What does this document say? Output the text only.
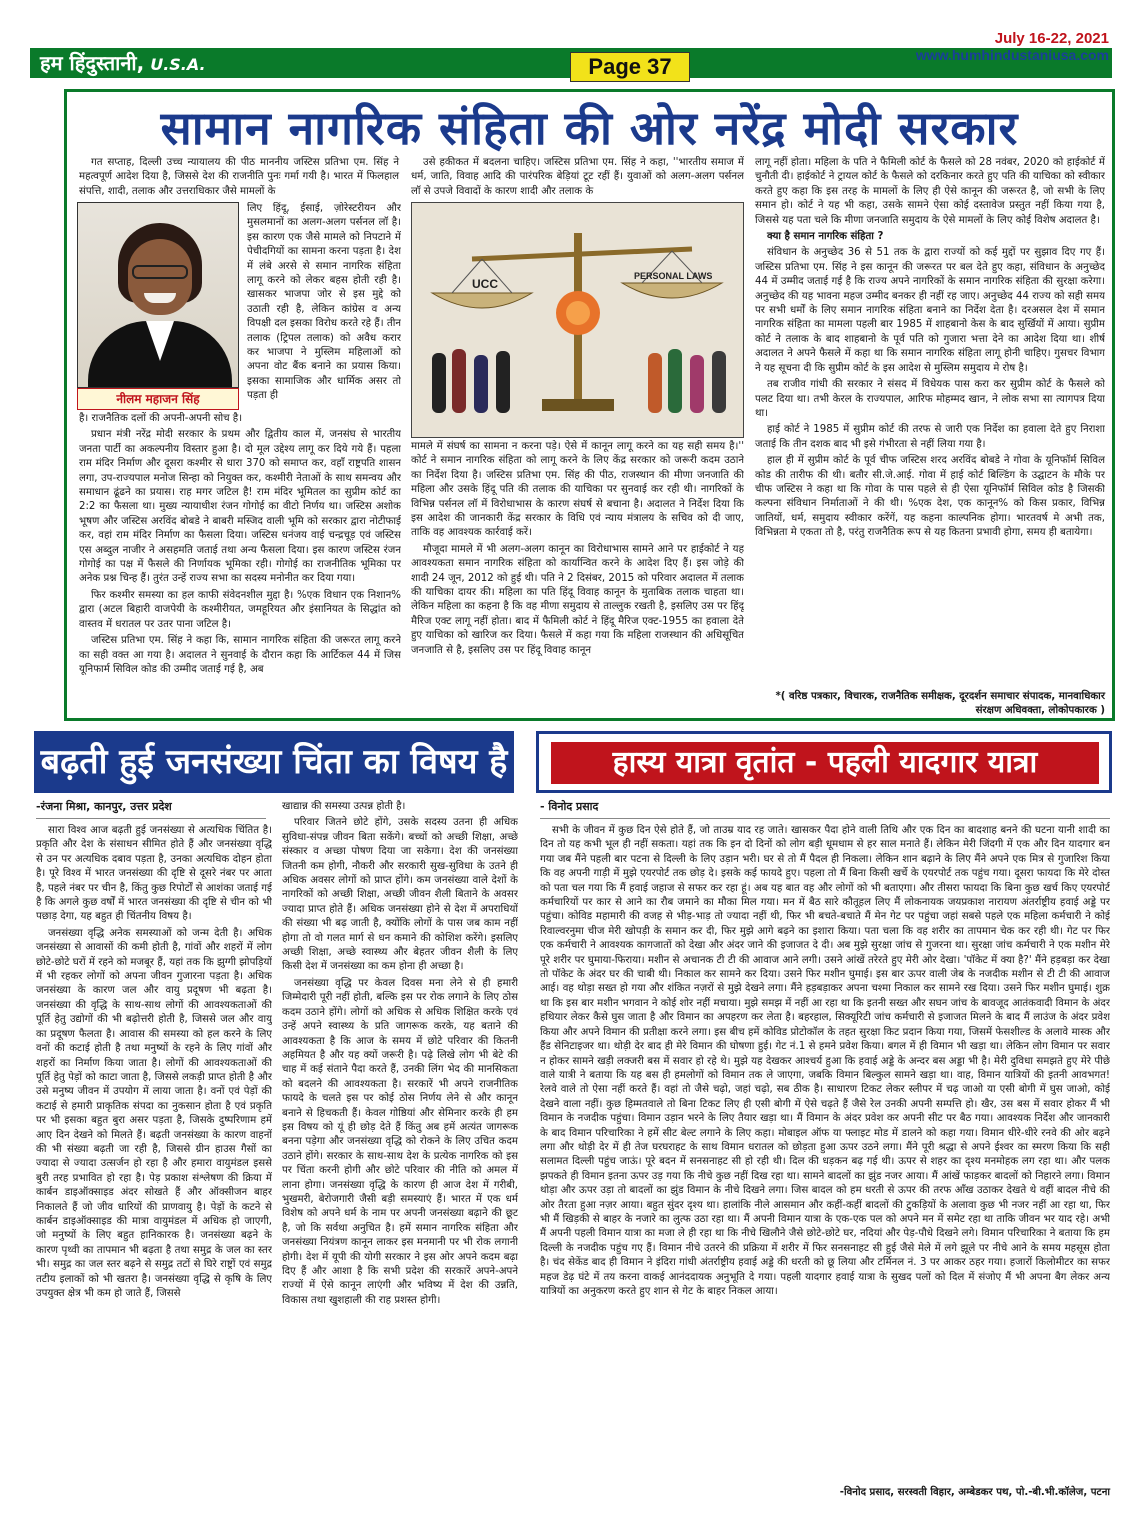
हम हिंदुस्तानी, U.S.A.	Page 37
July 16-22, 2021
www.humhindustaniusa.com
सामान नागरिक संहिता की ओर नरेंद्र मोदी सरकार

गत सप्ताह, दिल्ली उच्च न्यायालय की पीठ माननीय जस्टिस प्रतिभा एम. सिंह ने महत्वपूर्ण आदेश दिया है, जिससे देश की राजनीति पुनः गर्मा गयी है। भारत में फिलहाल संपत्ति, शादी, तलाक और उत्तराधिकार जैसे मामलों के

नीलम महाजन सिंह

लिए हिंदू, ईसाई, ज़ोरेस्टरीयन और मुसलमानों का अलग-अलग पर्सनल लॉ है। इस कारण एक जैसे मामले को निपटाने में पेचीदगियों का सामना करना पड़ता है। देश में लंबे अरसे से समान नागरिक संहिता लागू करने को लेकर बहस होती रही है। खासकर भाजपा जोर से इस मुद्दे को उठाती रही है, लेकिन कांग्रेस व अन्य विपक्षी दल इसका विरोध करते रहे हैं। तीन तलाक (ट्रिपल तलाक) को अवैध करार कर भाजपा ने मुस्लिम महिलाओं को अपना वोट बैंक बनाने का प्रयास किया। इसका सामाजिक और धार्मिक असर तो पड़ता ही

है। राजनैतिक दलों की अपनी-अपनी सोच है।

प्रधान मंत्री नरेंद्र मोदी सरकार के प्रथम और द्वितीय काल में, जनसंघ से भारतीय जनता पार्टी का अकल्पनीय विस्तार हुआ है। दो मूल उद्देश्य लागू कर दिये गये हैं। पहला राम मंदिर निर्माण और दूसरा कश्मीर से धारा 370 को समाप्त कर, वहाँ राष्ट्रपति शासन लगा, उप-राज्यपाल मनोज सिन्हा को नियुक्त कर, कश्मीरी नेताओं के साथ समन्वय और समाधान ढूंढने का प्रयास। राह मगर जटिल है! राम मंदिर भूमितल का सुप्रीम कोर्ट का 2:2 का फैसला था। मुख्य न्यायाधीश रंजन गोगोई का वीटो निर्णय था। जस्टिस अशोक भूषण और जस्टिस अरविंद बोबडे ने बाबरी मस्जिद वाली भूमि को सरकार द्वारा नोटीफाई कर, वहां राम मंदिर निर्माण का फैसला दिया। जस्टिस धनंजय वाई चन्द्रचूड़ एवं जस्टिस एस अब्दुल नाजीर ने असहमति जताई तथा अन्य फैसला दिया। इस कारण जस्टिस रंजन गोगोई का पक्ष में फैसले की निर्णायक भूमिका रही। गोगोई का राजनीतिक भूमिका पर अनेक प्रश्न चिन्ह हैं। तुरंत उन्हें राज्य सभा का सदस्य मनोनीत कर दिया गया।

फिर कश्मीर समस्या का हल काफी संवेदनशील मुद्दा है। %एक विधान एक निशान% द्वारा (अटल बिहारी वाजपेयी के कश्मीरीयत, जमहूरियत और इंसानियत के सिद्धांत को वास्तव में धरातल पर उतर पाना जटिल है।

जस्टिस प्रतिभा एम. सिंह ने कहा कि, सामान नागरिक संहिता की जरूरत लागू करने का सही वक्त आ गया है। अदालत ने सुनवाई के दौरान कहा कि आर्टिकल 44 में जिस यूनिफार्म सिविल कोड की उम्मीद जताई गई है, अब

उसे हकीकत में बदलना चाहिए। जस्टिस प्रतिभा एम. सिंह ने कहा, ''भारतीय समाज में धर्म, जाति, विवाह आदि की पारंपरिक बेड़ियां टूट रहीं हैं। युवाओं को अलग-अलग पर्सनल लॉ से उपजे विवादों के कारण शादी और तलाक के

UCC
PERSONAL LAWS

मामले में संघर्ष का सामना न करना पड़े। ऐसे में कानून लागू करने का यह सही समय है।'' कोर्ट ने समान नागरिक संहिता को लागू करने के लिए केंद्र सरकार को जरूरी कदम उठाने का निर्देश दिया है। जस्टिस प्रतिभा एम. सिंह की पीठ, राजस्थान की मीणा जनजाति की महिला और उसके हिंदू पति की तलाक की याचिका पर सुनवाई कर रही थी। नागरिकों के विभिन्न पर्सनल लॉ में विरोधाभास के कारण संघर्ष से बचाना है। अदालत ने निर्देश दिया कि इस आदेश की जानकारी केंद्र सरकार के विधि एवं न्याय मंत्रालय के सचिव को दी जाए, ताकि वह आवश्यक कार्रवाई करें।

मौजूदा मामले में भी अलग-अलग कानून का विरोधाभास सामने आने पर हाईकोर्ट ने यह आवश्यकता समान नागरिक संहिता को कार्यान्वित करने के आदेश दिए हैं। इस जोड़े की शादी 24 जून, 2012 को हुई थी। पति ने 2 दिसंबर, 2015 को परिवार अदालत में तलाक की याचिका दायर की। महिला का पति हिंदू विवाह कानून के मुताबिक तलाक चाहता था। लेकिन महिला का कहना है कि वह मीणा समुदाय से ताल्लुक रखती है, इसलिए उस पर हिंदू मैरिज एक्ट लागू नहीं होता। बाद में फैमिली कोर्ट ने हिंदू मैरिज एक्ट-1955 का हवाला देते हुए याचिका को खारिज कर दिया। फैसले में कहा गया कि महिला राजस्थान की अधिसूचित जनजाति से है, इसलिए उस पर हिंदू विवाह कानून

लागू नहीं होता। महिला के पति ने फैमिली कोर्ट के फैसले को 28 नवंबर, 2020 को हाईकोर्ट में चुनौती दी। हाईकोर्ट ने ट्रायल कोर्ट के फैसले को दरकिनार करते हुए पति की याचिका को स्वीकार करते हुए कहा कि इस तरह के मामलों के लिए ही ऐसे कानून की जरूरत है, जो सभी के लिए समान हो। कोर्ट ने यह भी कहा, उसके सामने ऐसा कोई दस्तावेज प्रस्तुत नहीं किया गया है, जिससे यह पता चले कि मीणा जनजाति समुदाय के ऐसे मामलों के लिए कोई विशेष अदालत है।

क्या है समान नागरिक संहिता ?

संविधान के अनुच्छेद 36 से 51 तक के द्वारा राज्यों को कई मुद्दों पर सुझाव दिए गए हैं। जस्टिस प्रतिभा एम. सिंह ने इस कानून की जरूरत पर बल देते हुए कहा, संविधान के अनुच्छेद 44 में उम्मीद जताई गई है कि राज्य अपने नागरिकों के समान नागरिक संहिता की सुरक्षा करेगा। अनुच्छेद की यह भावना महज उम्मीद बनकर ही नहीं रह जाए। अनुच्छेद 44 राज्य को सही समय पर सभी धर्मों के लिए समान नागरिक संहिता बनाने का निर्देश देता है। दरअसल देश में समान नागरिक संहिता का मामला पहली बार 1985 में शाहबानो केस के बाद सुर्खियों में आया। सुप्रीम कोर्ट ने तलाक के बाद शाहबानो के पूर्व पति को गुजारा भत्ता देने का आदेश दिया था। शीर्ष अदालत ने अपने फैसले में कहा था कि समान नागरिक संहिता लागू होनी चाहिए। गुसचर विभाग ने यह सूचना दी कि सुप्रीम कोर्ट के इस आदेश से मुस्लिम समुदाय मे रोष है।

तब राजीव गांधी की सरकार ने संसद में विधेयक पास करा कर सुप्रीम कोर्ट के फैसले को पलट दिया था। तभी केरल के राज्यपाल, आरिफ मोहम्मद खान, ने लोक सभा सा त्यागपत्र दिया था।

हाई कोर्ट ने 1985 में सुप्रीम कोर्ट की तरफ से जारी एक निर्देश का हवाला देते हुए निराशा जताई कि तीन दशक बाद भी इसे गंभीरता से नहीं लिया गया है।

हाल ही में सुप्रीम कोर्ट के पूर्व चीफ जस्टिस शरद अरविंद बोबडे ने गोवा के यूनिफॉर्म सिविल कोड की तारीफ की थी। बतौर सी.जे.आई. गोवा में हाई कोर्ट बिल्डिंग के उद्घाटन के मौके पर चीफ जस्टिस ने कहा था कि गोवा के पास पहले से ही ऐसा यूनिफॉर्म सिविल कोड है जिसकी कल्पना संविधान निर्माताओं ने की थी। %एक देश, एक कानून% को किस प्रकार, विभिन्न जातियों, धर्म, समुदाय स्वीकार करेंगें, यह कहना काल्पनिक होगा। भारतवर्ष मे अभी तक, विभिन्नता मे एकता तो है, परंतु राजनैतिक रूप से यह कितना प्रभावी होगा, समय ही बतायेगा।

*( वरिष्ठ पत्रकार, विचारक, राजनैतिक समीक्षक, दूरदर्शन समाचार संपादक, मानवाधिकार संरक्षण अधिवक्ता, लोकोपकारक )
बढ़ती हुई जनसंख्या चिंता का विषय है
-रंजना मिश्रा, कानपुर, उत्तर प्रदेश

सारा विश्व आज बढ़ती हुई जनसंख्या से अत्यधिक चिंतित है। प्रकृति और देश के संसाधन सीमित होते हैं और जनसंख्या वृद्धि से उन पर अत्यधिक दबाव पड़ता है, उनका अत्यधिक दोहन होता है। पूरे विश्व में भारत जनसंख्या की दृष्टि से दूसरे नंबर पर आता है, पहले नंबर पर चीन है, किंतु कुछ रिपोर्टों से आशंका जताई गई है कि अगले कुछ वर्षों में भारत जनसंख्या की दृष्टि से चीन को भी पछाड़ देगा, यह बहुत ही चिंतनीय विषय है।

जनसंख्या वृद्धि अनेक समस्याओं को जन्म देती है। अधिक जनसंख्या से आवासों की कमी होती है, गांवों और शहरों में लोग छोटे-छोटे घरों में रहने को मजबूर हैं, यहां तक कि झुग्गी झोपड़ियों में भी रहकर लोगों को अपना जीवन गुजारना पड़ता है। अधिक जनसंख्या के कारण जल और वायु प्रदूषण भी बढ़ता है। जनसंख्या की वृद्धि के साथ-साथ लोगों की आवश्यकताओं की पूर्ति हेतु उद्योगों की भी बढ़ोत्तरी होती है, जिससे जल और वायु का प्रदूषण फैलता है। आवास की समस्या को हल करने के लिए वनों की कटाई होती है तथा मनुष्यों के रहने के लिए गांवों और शहरों का निर्माण किया जाता है। लोगों की आवश्यकताओं की पूर्ति हेतु पेड़ों को काटा जाता है, जिससे लकड़ी प्राप्त होती है और उसे मनुष्य जीवन में उपयोग में लाया जाता है। वनों एवं पेड़ों की कटाई से हमारी प्राकृतिक संपदा का नुकसान होता है एवं प्रकृति पर भी इसका बहुत बुरा असर पड़ता है, जिसके दुष्परिणाम हमें आए दिन देखने को मिलते हैं। बढ़ती जनसंख्या के कारण वाहनों की भी संख्या बढ़ती जा रही है, जिससे ग्रीन हाउस गैसों का ज्यादा से ज्यादा उत्सर्जन हो रहा है और हमारा वायुमंडल इससे बुरी तरह प्रभावित हो रहा है। पेड़ प्रकाश संश्लेषण की क्रिया में कार्बन डाइऑक्साइड अंदर सोखते हैं और ऑक्सीजन बाहर निकालते हैं जो जीव धारियों की प्राणवायु है। पेड़ों के कटने से कार्बन डाइऑक्साइड की मात्रा वायुमंडल में अधिक हो जाएगी, जो मनुष्यों के लिए बहुत हानिकारक है। जनसंख्या बढ़ने के कारण पृथ्वी का तापमान भी बढ़ता है तथा समुद्र के जल का स्तर भी। समुद्र का जल स्तर बढ़ने से समुद्र तटों से घिरे राष्ट्रों एवं समुद्र तटीय इलाकों को भी खतरा है। जनसंख्या वृद्धि से कृषि के लिए उपयुक्त क्षेत्र भी कम हो जाते हैं, जिससे

खाद्यान्न की समस्या उत्पन्न होती है।

परिवार जितने छोटे होंगे, उसके सदस्य उतना ही अधिक सुविधा-संपन्न जीवन बिता सकेंगे। बच्चों को अच्छी शिक्षा, अच्छे संस्कार व अच्छा पोषण दिया जा सकेगा। देश की जनसंख्या जितनी कम होगी, नौकरी और सरकारी सुख-सुविधा के उतने ही अधिक अवसर लोगों को प्राप्त होंगे। कम जनसंख्या वाले देशों के नागरिकों को अच्छी शिक्षा, अच्छी जीवन शैली बिताने के अवसर ज्यादा प्राप्त होते हैं। अधिक जनसंख्या होने से देश में अपराधियों की संख्या भी बढ़ जाती है, क्योंकि लोगों के पास जब काम नहीं होगा तो वो गलत मार्ग से धन कमाने की कोशिश करेंगे। इसलिए अच्छी शिक्षा, अच्छे स्वास्थ्य और बेहतर जीवन शैली के लिए किसी देश में जनसंख्या का कम होना ही अच्छा है।

जनसंख्या वृद्धि पर केवल दिवस मना लेने से ही हमारी जिम्मेदारी पूरी नहीं होती, बल्कि इस पर रोक लगाने के लिए ठोस कदम उठाने होंगे। लोगों को अधिक से अधिक शिक्षित करके एवं उन्हें अपने स्वास्थ्य के प्रति जागरूक करके, यह बताने की आवश्यकता है कि आज के समय में छोटे परिवार की कितनी अहमियत है और यह क्यों जरूरी है। पढ़े लिखे लोग भी बेटे की चाह में कई संताने पैदा करते हैं, उनकी लिंग भेद की मानसिकता को बदलने की आवश्यकता है। सरकारें भी अपने राजनीतिक फायदे के चलते इस पर कोई ठोस निर्णय लेने से और कानून बनाने से हिचकती हैं। केवल गोष्ठियां और सेमिनार करके ही हम इस विषय को यूं ही छोड़ देते हैं किंतु अब हमें अत्यंत जागरूक बनना पड़ेगा और जनसंख्या वृद्धि को रोकने के लिए उचित कदम उठाने होंगे। सरकार के साथ-साथ देश के प्रत्येक नागरिक को इस पर चिंता करनी होगी और छोटे परिवार की नीति को अमल में लाना होगा। जनसंख्या वृद्धि के कारण ही आज देश में गरीबी, भुखमरी, बेरोजगारी जैसी बड़ी समस्याएं हैं। भारत में एक धर्म विशेष को अपने धर्म के नाम पर अपनी जनसंख्या बढ़ाने की छूट है, जो कि सर्वथा अनुचित है। हमें समान नागरिक संहिता और जनसंख्या नियंत्रण कानून लाकर इस मनमानी पर भी रोक लगानी होगी। देश में यूपी की योगी सरकार ने इस ओर अपने कदम बढ़ा दिए हैं और आशा है कि सभी प्रदेश की सरकारें अपने-अपने राज्यों में ऐसे कानून लाएंगी और भविष्य में देश की उन्नति, विकास तथा खुशहाली की राह प्रशस्त होगी।

हास्य यात्रा वृतांत - पहली यादगार यात्रा
- विनोद प्रसाद

सभी के जीवन में कुछ दिन ऐसे होते हैं, जो ताउम्र याद रह जाते। खासकर पैदा होने वाली तिथि और एक दिन का बादशाह बनने की घटना यानी शादी का दिन तो यह कभी भूल ही नहीं सकता। यहां तक कि इन दो दिनों को लोग बड़ी धूमधाम से हर साल मनाते हैं। लेकिन मेरी जिंदगी में एक और दिन यादगार बन गया जब मैंने पहली बार पटना से दिल्ली के लिए उड़ान भरी। घर से तो मैं पैदल ही निकला। लेकिन शान बढ़ाने के लिए मैंने अपने एक मित्र से गुजारिश किया कि वह अपनी गाड़ी में मुझे एयरपोर्ट तक छोड़ दे। इसके कई फायदे हुए। पहला तो मैं बिना किसी खर्चे के एयरपोर्ट तक पहुंच गया। दूसरा फायदा कि मेरे दोस्त को पता चल गया कि मैं हवाई जहाज से सफर कर रहा हूं। अब यह बात वह और लोगों को भी बताएगा। और तीसरा फायदा कि बिना कुछ खर्च किए एयरपोर्ट कर्मचारियों पर कार से आने का रौब जमाने का मौका मिल गया। मन में बैठ सारे कौतूहल लिए मैं लोकनायक जयप्रकाश नारायण अंतर्राष्ट्रीय हवाई अड्डे पर पहुंचा। कोविड महामारी की वजह से भीड़-भाड़ तो ज्यादा नहीं थी, फिर भी बचते-बचाते मैं मेन गेट पर पहुंचा जहां सबसे पहले एक महिला कर्मचारी ने कोई रिवाल्वरनुमा चीज मेरी खोपड़ी के समान कर दी, फिर मुझे आगे बढ़ने का इशारा किया। पता चला कि वह शरीर का तापमान चेक कर रही थी। गेट पर फिर एक कर्मचारी ने आवश्यक कागजातों को देखा और अंदर जाने की इजाजत दे दी। अब मुझे सुरक्षा जांच से गुजरना था। सुरक्षा जांच कर्मचारी ने एक मशीन मेरे पूरे शरीर पर घुमाया-फिराया। मशीन से अचानक टी टी की आवाज आने लगी। उसने आंखें तरेरते हुए मेरी ओर देखा। 'पॉकेट में क्या है?' मैंने हड़बड़ा कर देखा तो पॉकेट के अंदर घर की चाबी थी। निकाल कर सामने कर दिया। उसने फिर मशीन घुमाई। इस बार ऊपर वाली जेब के नजदीक मशीन से टी टी की आवाज आई। वह थोड़ा सख्त हो गया और शंकित नज़रों से मुझे देखने लगा। मैंने हड़बड़ाकर अपना चश्मा निकाल कर सामने रख दिया। उसने फिर मशीन घुमाई। शुक्र था कि इस बार मशीन भगवान ने कोई शोर नहीं मचाया। मुझे समझ में नहीं आ रहा था कि इतनी सख्त और सघन जांच के बावजूद आतंकवादी विमान के अंदर हथियार लेकर कैसे घुस जाता है और विमान का अपहरण कर लेता है। बहरहाल, सिक्यूरिटी जांच कर्मचारी से इजाजत मिलने के बाद मैं लाउंज के अंदर प्रवेश किया और अपने विमान की प्रतीक्षा करने लगा। इस बीच हमें कोविड प्रोटोकॉल के तहत सुरक्षा किट प्रदान किया गया, जिसमें फेसशील्ड के अलावे मास्क और हैंड सेनिटाइजर था। थोड़ी देर बाद ही मेरे विमान की घोषणा हुई। गेट नं.1 से हमने प्रवेश किया। बगल में ही विमान भी खड़ा था। लेकिन लोग विमान पर सवार न होकर सामने खड़ी लक्जरी बस में सवार हो रहे थे। मुझे यह देखकर आश्चर्य हुआ कि हवाई अड्डे के अन्दर बस अड्डा भी है। मेरी दुविधा समझते हुए मेरे पीछे वाले यात्री ने बताया कि यह बस ही हमलोगों को विमान तक ले जाएगा, जबकि विमान बिल्कुल सामने खड़ा था। वाह, विमान यात्रियों की इतनी आवभगत! रेलवे वाले तो ऐसा नहीं करते हैं। वहां तो जैसे चढ़ो, जहां चढ़ो, सब ठीक है। साधारण टिकट लेकर स्लीपर में चढ़ जाओ या एसी बोगी में घुस जाओ, कोई देखने वाला नहीं। कुछ हिम्मतवाले तो बिना टिकट लिए ही एसी बोगी में ऐसे चढ़ते हैं जैसे रेल उनकी अपनी सम्पत्ति हो। खैर, उस बस में सवार होकर मैं भी विमान के नजदीक पहुंचा। विमान उड़ान भरने के लिए तैयार खड़ा था। मैं विमान के अंदर प्रवेश कर अपनी सीट पर बैठ गया। आवश्यक निर्देश और जानकारी के बाद विमान परिचारिका ने हमें सीट बेल्ट लगाने के लिए कहा। मोबाइल ऑफ या फ्लाइट मोड में डालने को कहा गया। विमान धीरे-धीरे रनवे की ओर बढ़ने लगा और थोड़ी देर में ही तेज घरघराहट के साथ विमान धरातल को छोड़ता हुआ ऊपर उठने लगा। मैंने पूरी श्रद्धा से अपने ईश्वर का स्मरण किया कि सही सलामत दिल्ली पहुंच जाऊं। पूरे बदन में सनसनाहट सी हो रही थी। दिल की धड़कन बढ़ गई थी। ऊपर से शहर का दृश्य मनमोहक लग रहा था। और पलक झपकते ही विमान इतना ऊपर उड़ गया कि नीचे कुछ नहीं दिख रहा था। सामने बादलों का झुंड नजर आया। मैं आंखें फाड़कर बादलों को निहारने लगा। विमान थोड़ा और ऊपर उड़ा तो बादलों का झुंड विमान के नीचे दिखने लगा। जिस बादल को हम धरती से ऊपर की तरफ आँख उठाकर देखते थे वहीं बादल नीचे की ओर तैरता हुआ नज़र आया। बहुत सुंदर दृश्य था। हालांकि नीले आसमान और कहीं-कहीं बादलों की टुकड़ियों के अलावा कुछ भी नजर नहीं आ रहा था, फिर भी मैं खिड़की से बाहर के नजारे का लुत्फ उठा रहा था। मैं अपनी विमान यात्रा के एक-एक पल को अपने मन में समेट रहा था ताकि जीवन भर याद रहे। अभी मैं अपनी पहली विमान यात्रा का मजा ले ही रहा था कि नीचे खिलौने जैसे छोटे-छोटे घर, नदियां और पेड़-पौधे दिखने लगे। विमान परिचारिका ने बताया कि हम दिल्ली के नजदीक पहुंच गए हैं। विमान नीचे उतरने की प्रक्रिया में शरीर में फिर सनसनाहट सी हुई जैसे मेले में लगे झूले पर नीचे आने के समय महसूस होता है। चंद सेकेंड बाद ही विमान ने इंदिरा गांधी अंतर्राष्ट्रीय हवाई अड्डे की धरती को छू लिया और टर्मिनल नं. 3 पर आकर ठहर गया। हजारों किलोमीटर का सफर महज डेढ़ घंटे में तय करना वाकई आनंददायक अनुभूति दे गया। पहली यादगार हवाई यात्रा के सुखद पलों को दिल में संजोए मैं भी अपना बैग लेकर अन्य यात्रियों का अनुकरण करते हुए शान से गेट के बाहर निकल आया।

-विनोद प्रसाद, सरस्वती विहार, अम्बेडकर पथ, पो.-बी.भी.कॉलेज, पटना
